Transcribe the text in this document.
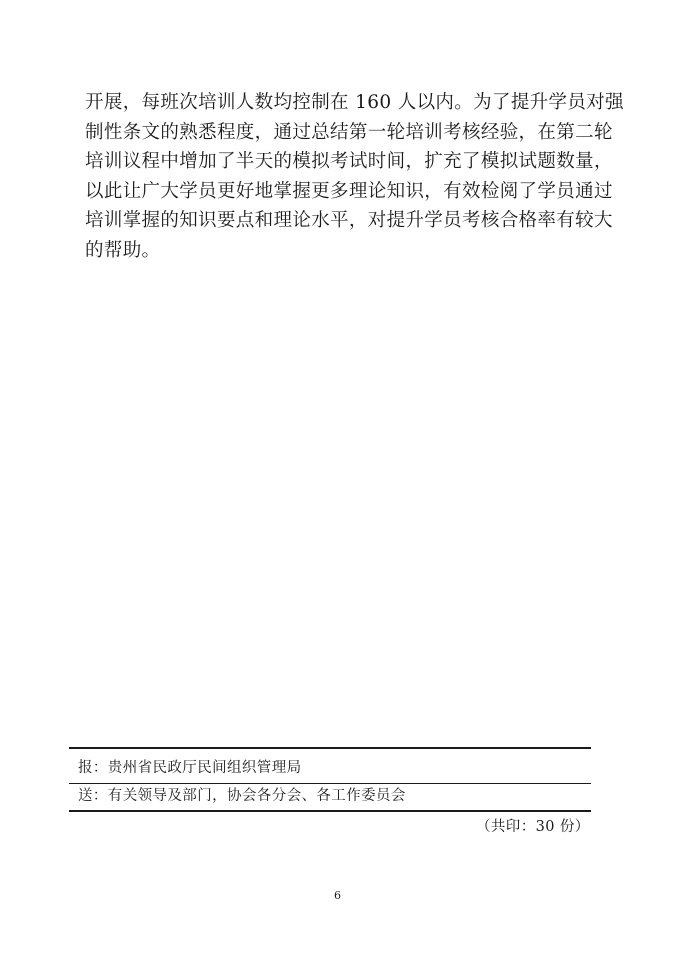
开展，每班次培训人数均控制在 160 人以内。为了提升学员对强
制性条文的熟悉程度，通过总结第一轮培训考核经验，在第二轮
培训议程中增加了半天的模拟考试时间，扩充了模拟试题数量，
以此让广大学员更好地掌握更多理论知识，有效检阅了学员通过
培训掌握的知识要点和理论水平，对提升学员考核合格率有较大
的帮助。
报：贵州省民政厅民间组织管理局
送：有关领导及部门，协会各分会、各工作委员会
（共印：30 份）
6
